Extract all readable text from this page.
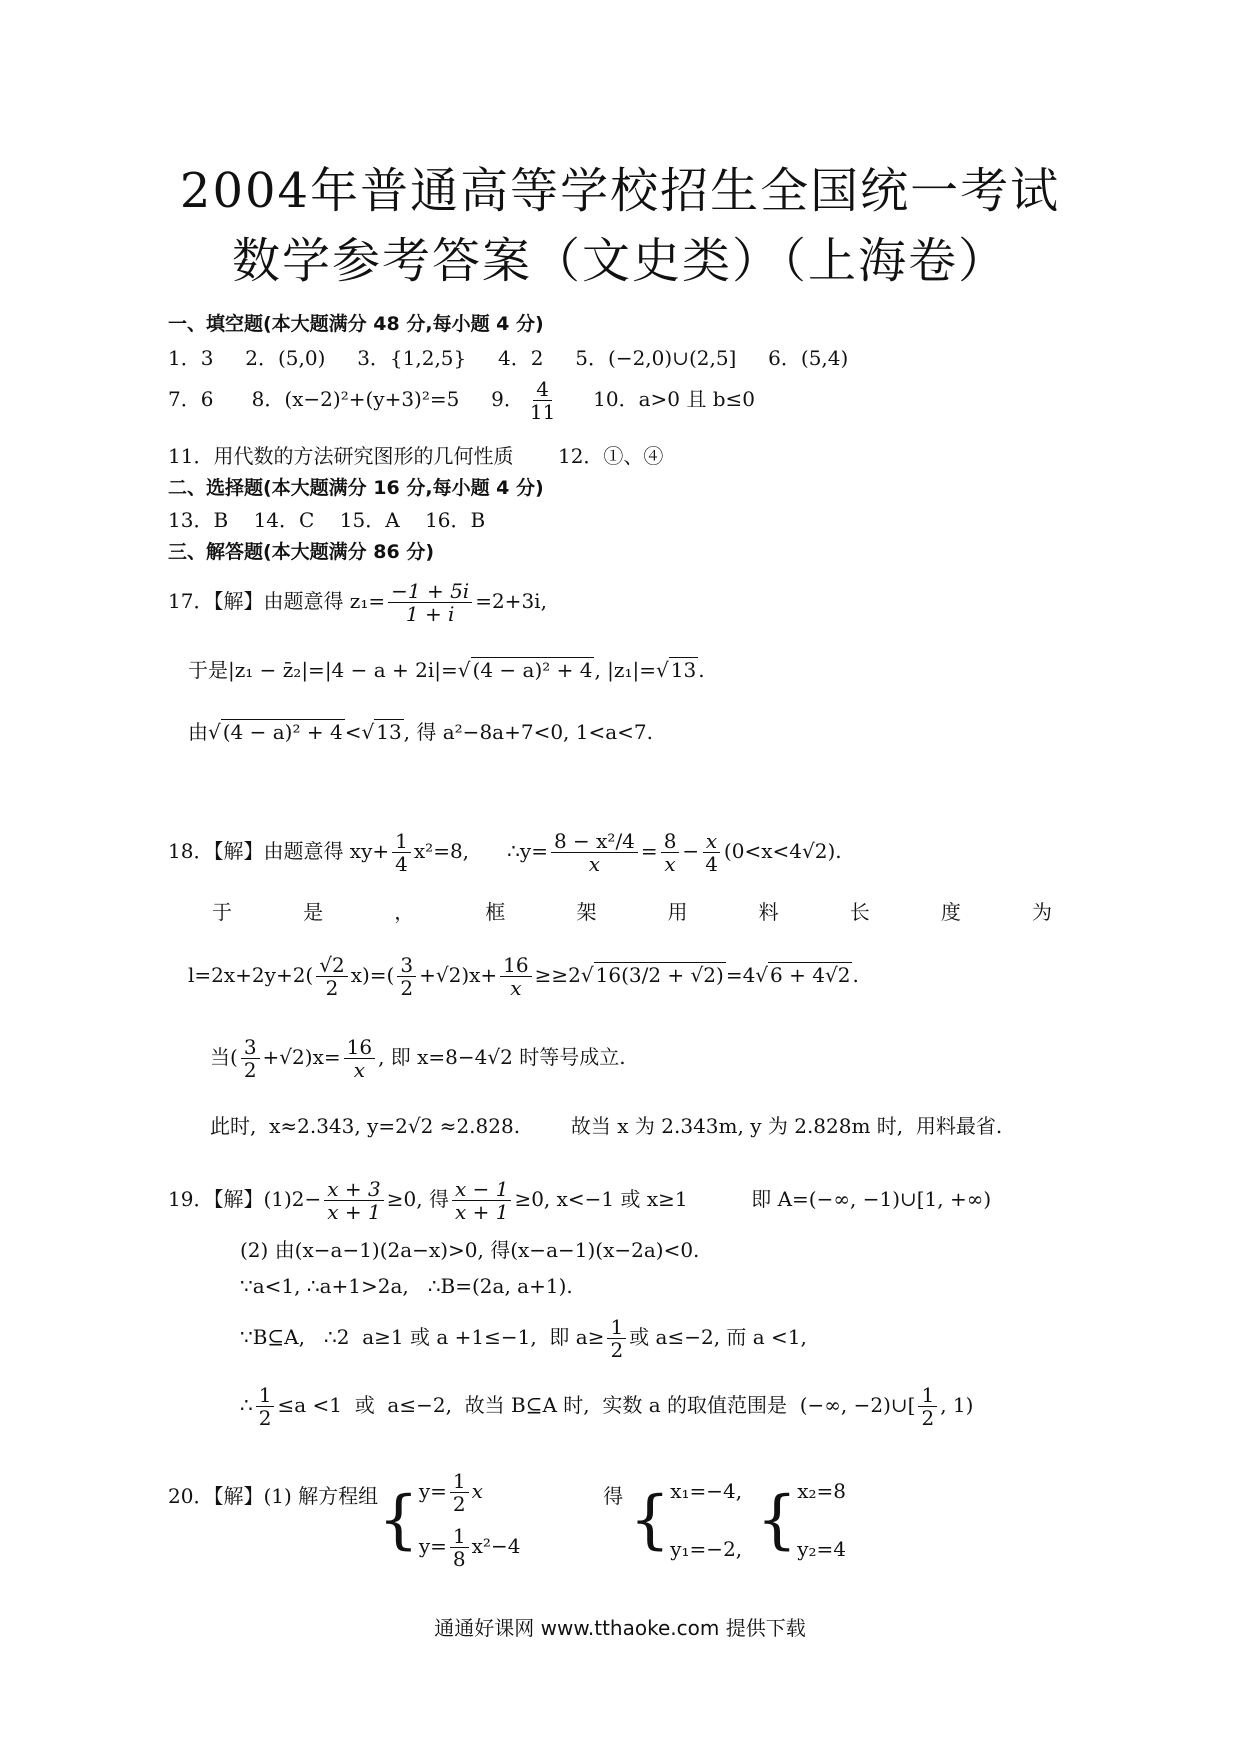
2004年普通高等学校招生全国统一考试
数学参考答案（文史类）（上海卷）
一、填空题(本大题满分 48 分,每小题 4 分)
1．3 2．(5,0) 3．{1,2,5} 4．2 5．(−2,0)∪(2,5] 6．(5,4)
7．6 8．(x−2)²+(y+3)²=5 9． $\frac{4}{11} 10$．a>0 且 b≤0
11．用代数的方法研究图形的几何性质 12．①、④
二、选择题(本大题满分 16 分,每小题 4 分)
13．B    14．C    15．A    16．B
三、解答题(本大题满分 86 分)
17．【解】由题意得 $z_1= \frac{-1 + 5i}{1 + i} =2+3i$,
于是|z₁ − z̄₂|=|4 − a + 2i|=√ (4 − a)² + 4 , |z₁|=√ 13 .
由√ (4 − a)² + 4 <√ 13 , 得 a²−8a+7<0, 1<a<7.
18．【解】由题意得 $xy+ \frac{1}{4} x^2=8$,      ∴y= $\frac{\text{8 − x²/4}}{x} = \frac{8}{x} - \frac{x}{4} (0<x<4√2)$.
于	是	，	框	架	用	料	长	度	为
$l=2x+2y+2( \frac{√2}{2} x)=( \frac{3}{2} +√2)x+ \frac{16}{x} \ge\ge 2√$ 16(3/2 + √2) =4√ 6 + 4√2 .
当( $\frac{3}{2} +√2)x= \frac{16}{x}$ , 即 x=8−4√2 时等号成立.
此时,  x≈2.343, y=2√2 ≈2.828.        故当 x 为 2.343m, y 为 2.828m 时,  用料最省.
19．【解】$(1)2- \frac{x + 3}{x + 1} \ge 0$, 得 $\frac{x - 1}{x + 1} \ge 0$, x<−1 或 x≥1	即 A=(−∞, −1)∪[1, +∞)
(2) 由(x−a−1)(2a−x)>0, 得(x−a−1)(x−2a)<0.
∵a<1, ∴a+1>2a,   ∴B=(2a, a+1).
∵B⊆A,   ∴2  a≥1 或 a +1≤−1,  即 $a\ge \frac{1}{2}$ 或 a≤−2, 而 a <1,
∴ $\frac{1}{2} \le a <1$  或  a≤−2,  故当 B⊆A 时,  实数 a 的取值范围是  (−∞, −2)∪[ $\frac{1}{2}$ , 1)
20．【解】(1) 解方程组{ $y= \frac{1}{2}$ x
$y= \frac{1}{8} x^2-4$
得 { x₁=−4,
y₁=−2, { x₂=8
y₂=4
通通好课网 www.tthaoke.com 提供下载
